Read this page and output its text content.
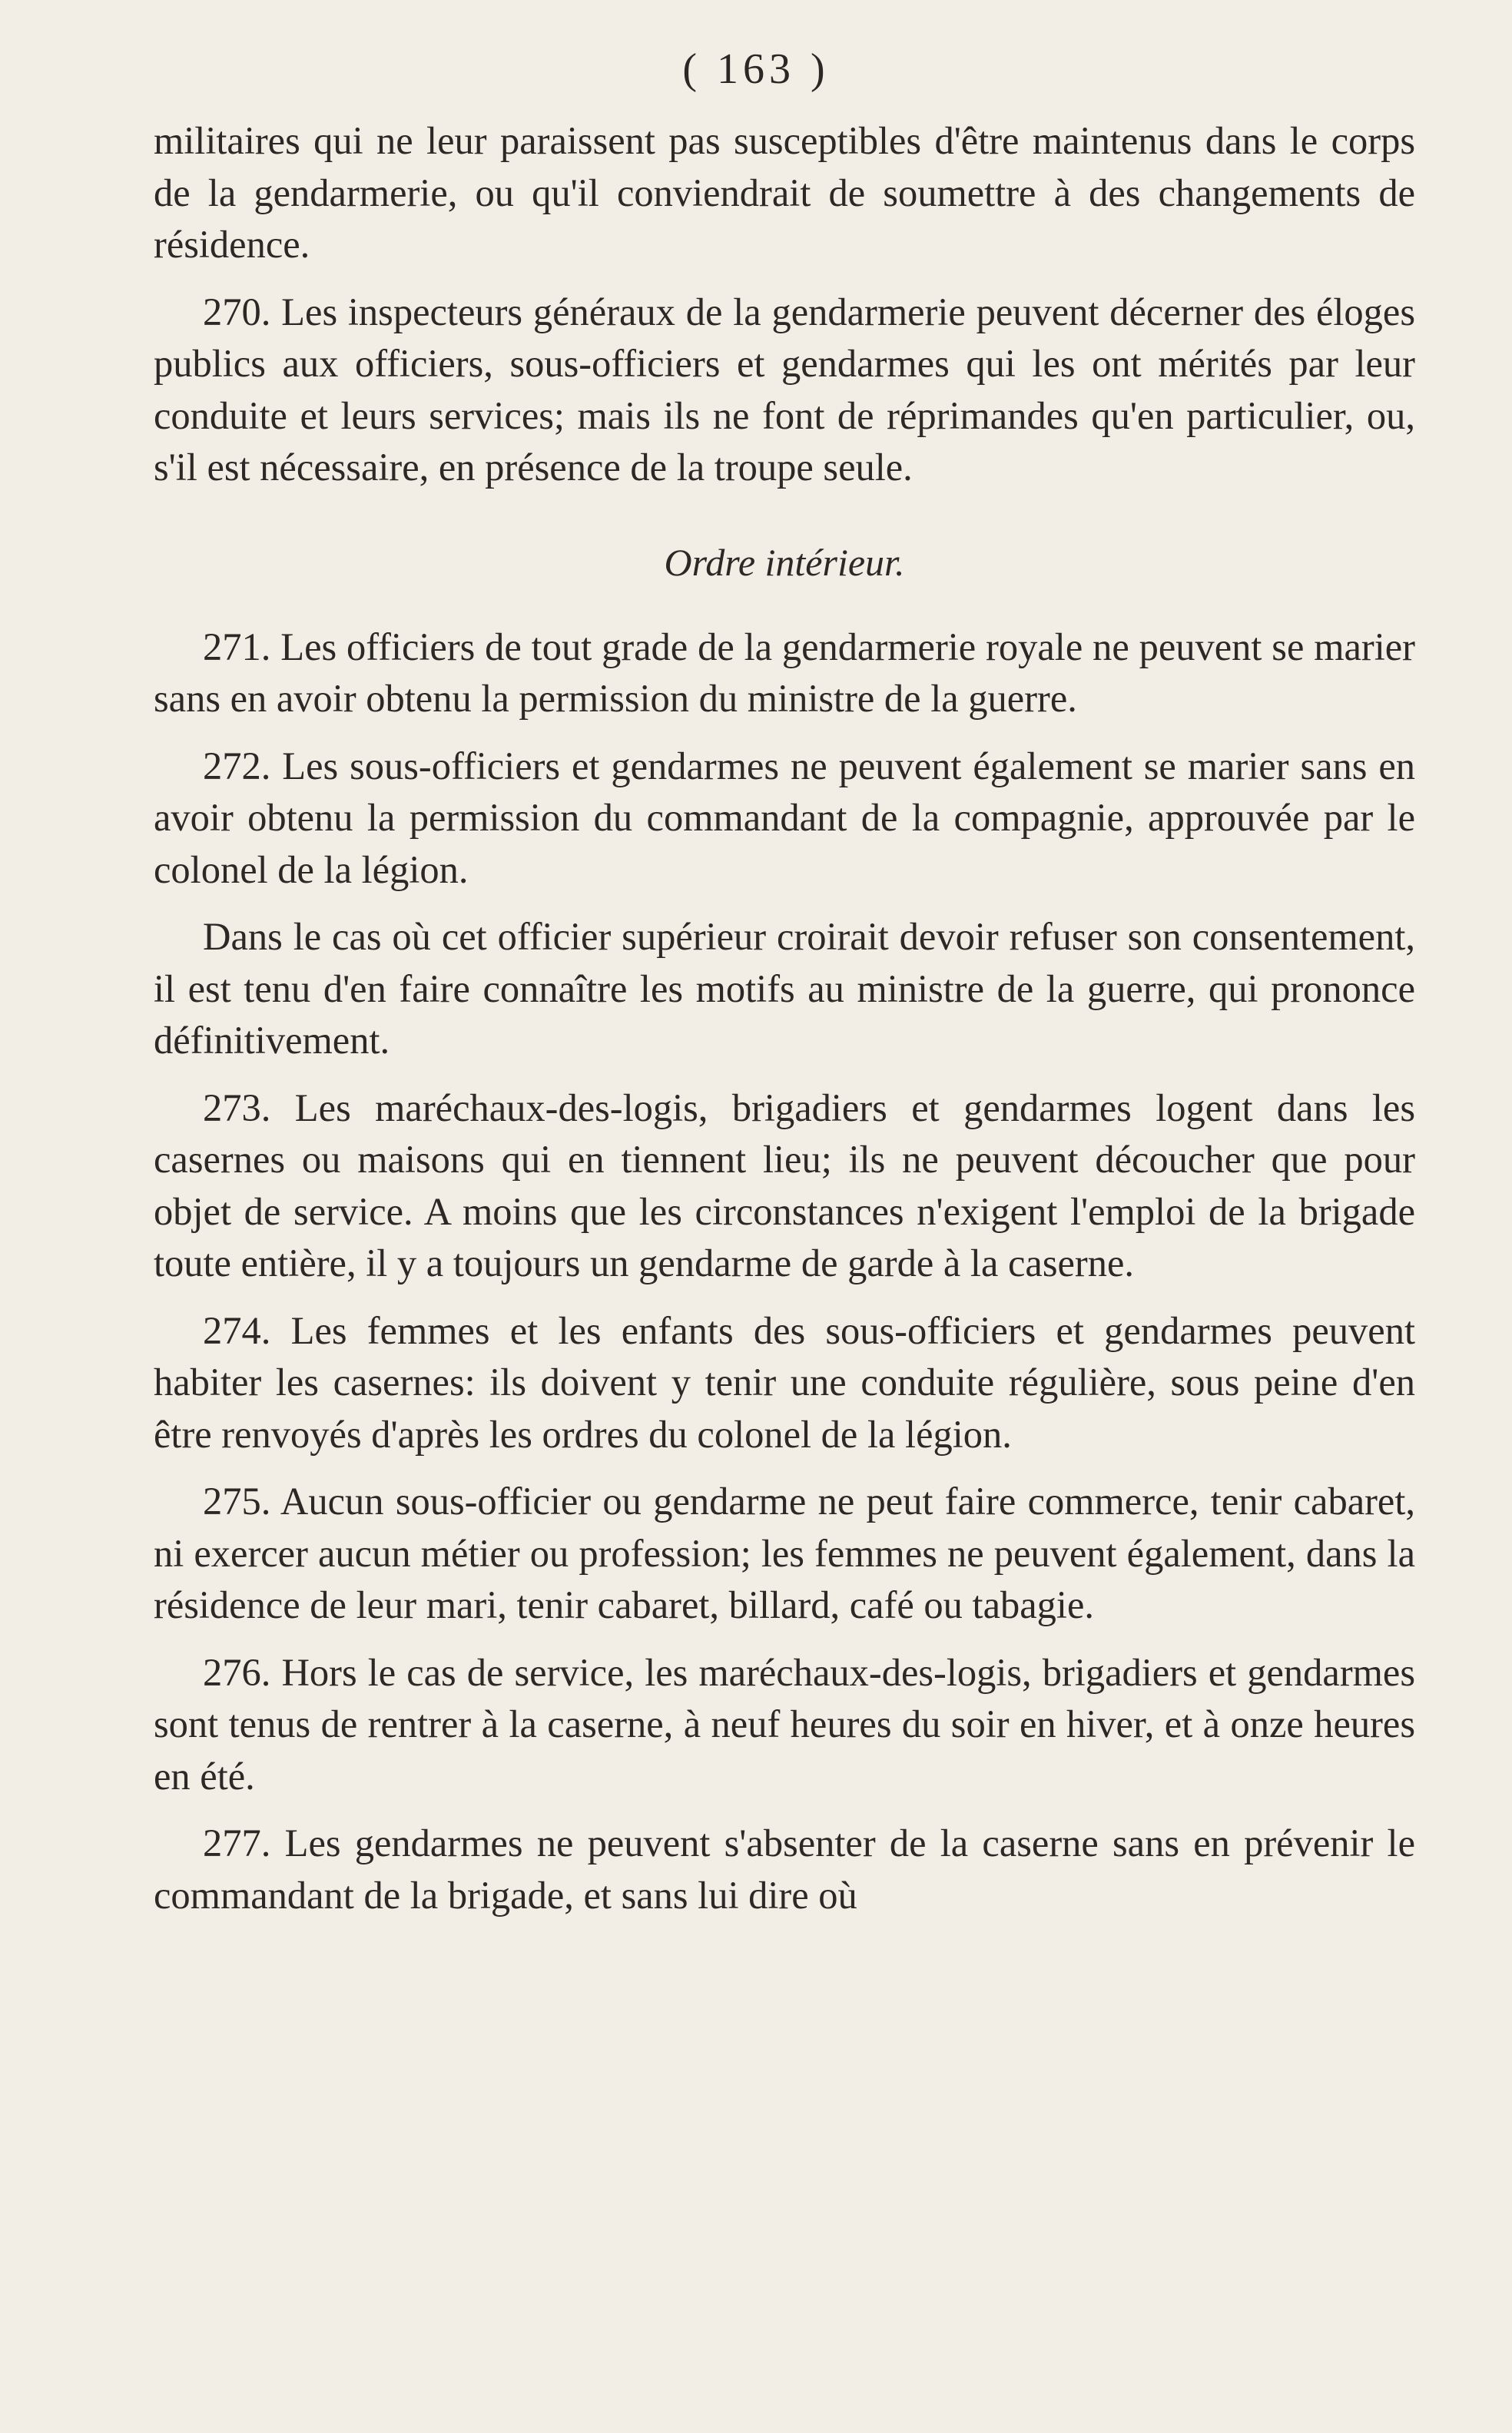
( 163 )

militaires qui ne leur paraissent pas susceptibles d'être maintenus dans le corps de la gendarmerie, ou qu'il conviendrait de soumettre à des changements de résidence.

270. Les inspecteurs généraux de la gendarmerie peuvent décerner des éloges publics aux officiers, sous-officiers et gendarmes qui les ont mérités par leur conduite et leurs services; mais ils ne font de réprimandes qu'en particulier, ou, s'il est nécessaire, en présence de la troupe seule.

Ordre intérieur.

271. Les officiers de tout grade de la gendarmerie royale ne peuvent se marier sans en avoir obtenu la permission du ministre de la guerre.

272. Les sous-officiers et gendarmes ne peuvent également se marier sans en avoir obtenu la permission du commandant de la compagnie, approuvée par le colonel de la légion.

Dans le cas où cet officier supérieur croirait devoir refuser son consentement, il est tenu d'en faire connaître les motifs au ministre de la guerre, qui prononce définitivement.

273. Les maréchaux-des-logis, brigadiers et gendarmes logent dans les casernes ou maisons qui en tiennent lieu; ils ne peuvent découcher que pour objet de service. A moins que les circonstances n'exigent l'emploi de la brigade toute entière, il y a toujours un gendarme de garde à la caserne.

274. Les femmes et les enfants des sous-officiers et gendarmes peuvent habiter les casernes: ils doivent y tenir une conduite régulière, sous peine d'en être renvoyés d'après les ordres du colonel de la légion.

275. Aucun sous-officier ou gendarme ne peut faire commerce, tenir cabaret, ni exercer aucun métier ou profession; les femmes ne peuvent également, dans la résidence de leur mari, tenir cabaret, billard, café ou tabagie.

276. Hors le cas de service, les maréchaux-des-logis, brigadiers et gendarmes sont tenus de rentrer à la caserne, à neuf heures du soir en hiver, et à onze heures en été.

277. Les gendarmes ne peuvent s'absenter de la caserne sans en prévenir le commandant de la brigade, et sans lui dire où
